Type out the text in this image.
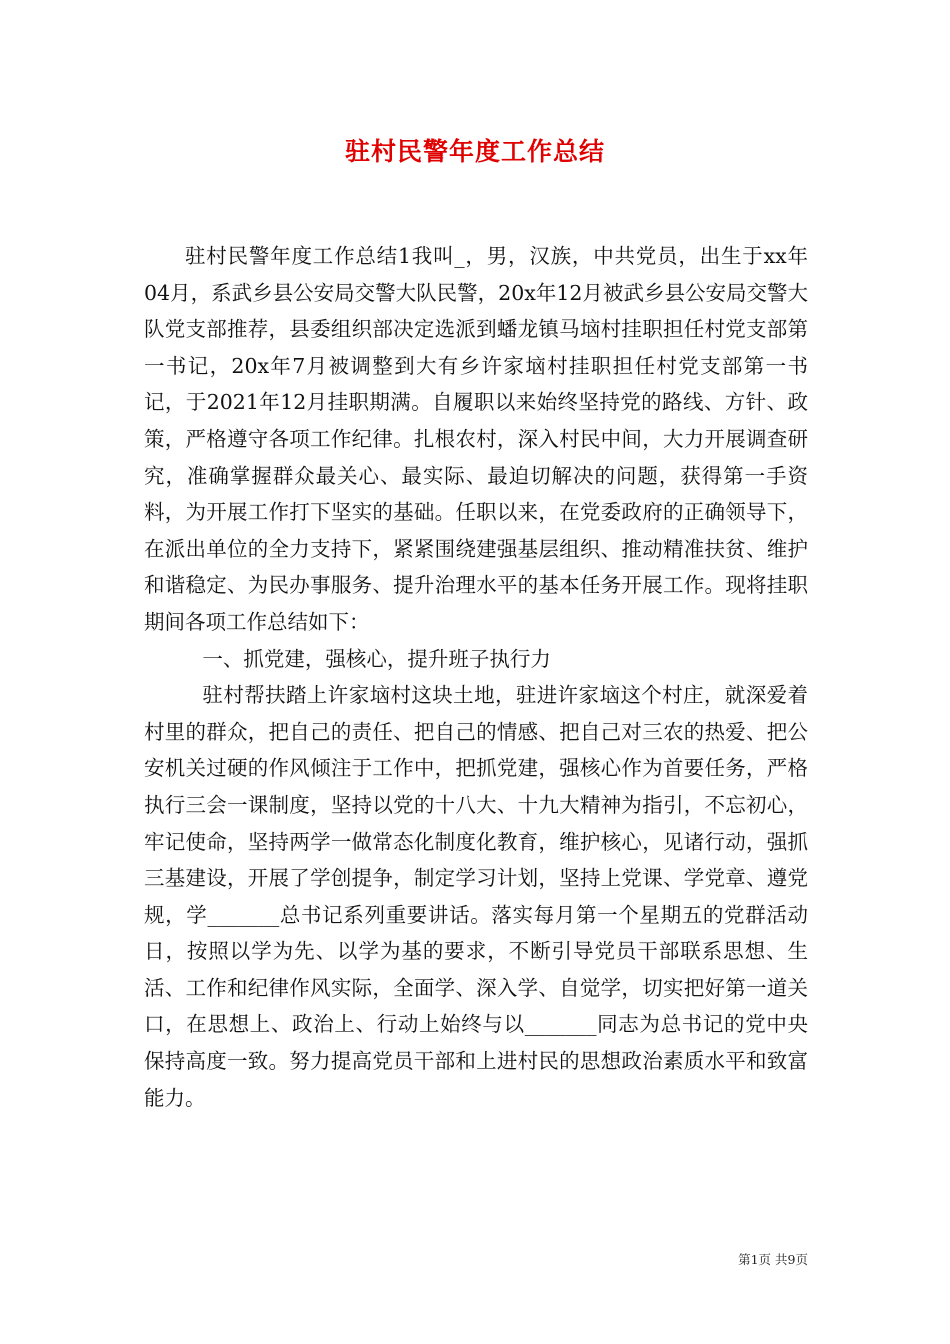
驻村民警年度工作总结

驻村民警年度工作总结1我叫_，男，汉族，中共党员，出生于xx年04月，系武乡县公安局交警大队民警，20x年12月被武乡县公安局交警大队党支部推荐，县委组织部决定选派到蟠龙镇马垴村挂职担任村党支部第一书记，20x年7月被调整到大有乡许家垴村挂职担任村党支部第一书记，于2021年12月挂职期满。自履职以来始终坚持党的路线、方针、政策，严格遵守各项工作纪律。扎根农村，深入村民中间，大力开展调查研究，准确掌握群众最关心、最实际、最迫切解决的问题，获得第一手资料，为开展工作打下坚实的基础。任职以来，在党委政府的正确领导下，在派出单位的全力支持下，紧紧围绕建强基层组织、推动精准扶贫、维护和谐稳定、为民办事服务、提升治理水平的基本任务开展工作。现将挂职期间各项工作总结如下：

一、抓党建，强核心，提升班子执行力

驻村帮扶踏上许家垴村这块土地，驻进许家垴这个村庄，就深爱着村里的群众，把自己的责任、把自己的情感、把自己对三农的热爱、把公安机关过硬的作风倾注于工作中，把抓党建，强核心作为首要任务，严格执行三会一课制度，坚持以党的十八大、十九大精神为指引，不忘初心，牢记使命，坚持两学一做常态化制度化教育，维护核心，见诸行动，强抓三基建设，开展了学创提争，制定学习计划，坚持上党课、学党章、遵党规，学_______总书记系列重要讲话。落实每月第一个星期五的党群活动日，按照以学为先、以学为基的要求，不断引导党员干部联系思想、生活、工作和纪律作风实际，全面学、深入学、自觉学，切实把好第一道关口，在思想上、政治上、行动上始终与以_______同志为总书记的党中央保持高度一致。努力提高党员干部和上进村民的思想政治素质水平和致富能力。

第1页 共9页
